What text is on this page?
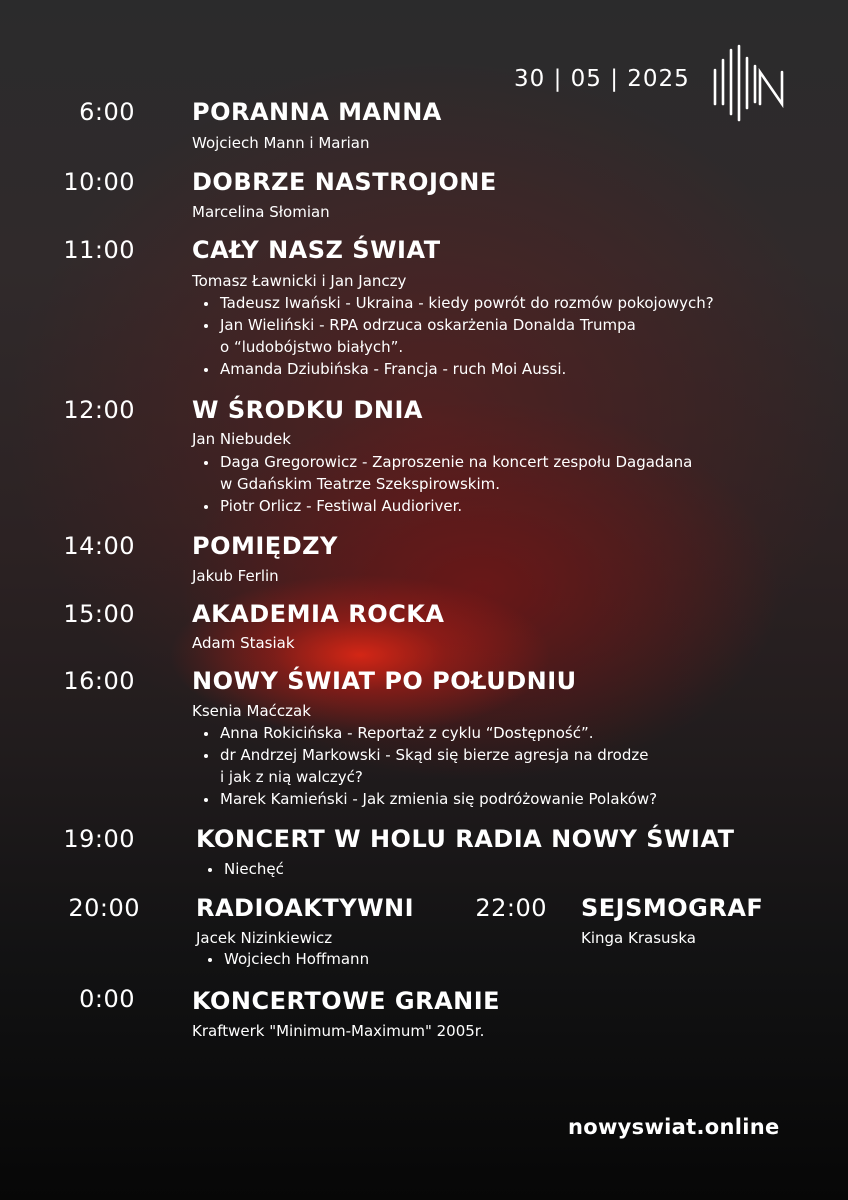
30 | 05 | 2025
6:00 PORANNA MANNA
Wojciech Mann i Marian
10:00 DOBRZE NASTROJONE
Marcelina Słomian
11:00 CAŁY NASZ ŚWIAT
Tomasz Ławnicki i Jan Janczy
Tadeusz Iwański - Ukraina - kiedy powrót do rozmów pokojowych?
Jan Wieliński - RPA odrzuca oskarżenia Donalda Trumpa
o “ludobójstwo białych”.
Amanda Dziubińska - Francja - ruch Moi Aussi.
12:00 W ŚRODKU DNIA
Jan Niebudek
Daga Gregorowicz - Zaproszenie na koncert zespołu Dagadana
w Gdańskim Teatrze Szekspirowskim.
Piotr Orlicz - Festiwal Audioriver.
14:00 POMIĘDZY
Jakub Ferlin
15:00 AKADEMIA ROCKA
Adam Stasiak
16:00 NOWY ŚWIAT PO POŁUDNIU
Ksenia Maćczak
Anna Rokicińska - Reportaż z cyklu “Dostępność”.
dr Andrzej Markowski - Skąd się bierze agresja na drodze
i jak z nią walczyć?
Marek Kamieński - Jak zmienia się podróżowanie Polaków?
19:00	KONCERT W HOLU RADIA NOWY ŚWIAT
Niechęć
20:00 RADIOAKTYWNI
Jacek Nizinkiewicz
Wojciech Hoffmann
22:00 SEJSMOGRAF
Kinga Krasuska
0:00 KONCERTOWE GRANIE
Kraftwerk "Minimum-Maximum" 2005r.
nowyswiat.online
